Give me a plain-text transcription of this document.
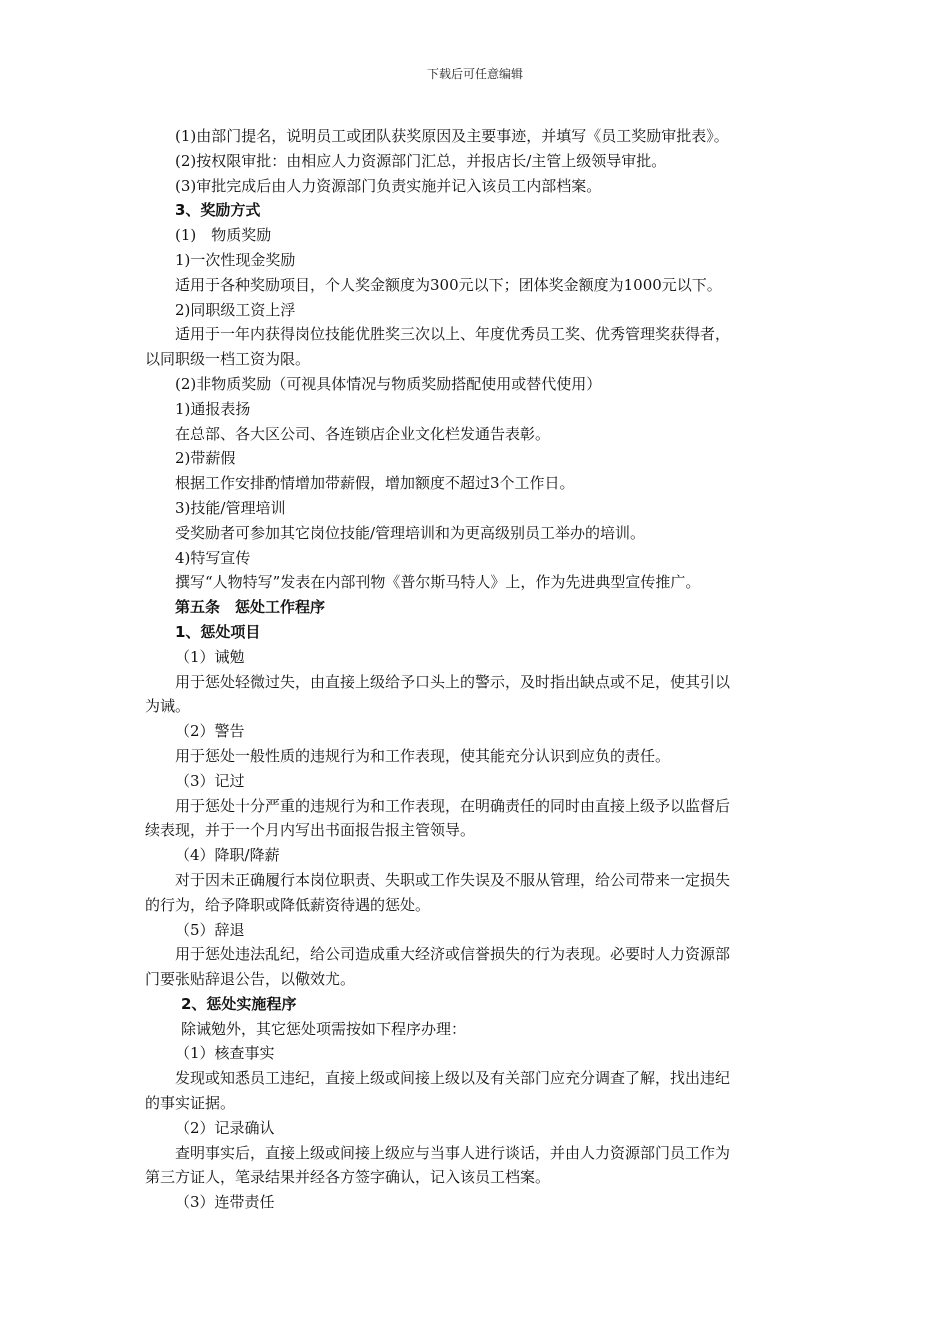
下载后可任意编辑
(1)由部门提名，说明员工或团队获奖原因及主要事迹，并填写《员工奖励审批表》。
(2)按权限审批：由相应人力资源部门汇总，并报店长/主管上级领导审批。
(3)审批完成后由人力资源部门负责实施并记入该员工内部档案。
3、奖励方式
(1)　物质奖励
1)一次性现金奖励
适用于各种奖励项目，个人奖金额度为300元以下；团体奖金额度为1000元以下。
2)同职级工资上浮
适用于一年内获得岗位技能优胜奖三次以上、年度优秀员工奖、优秀管理奖获得者，
以同职级一档工资为限。
(2)非物质奖励（可视具体情况与物质奖励搭配使用或替代使用）
1)通报表扬
在总部、各大区公司、各连锁店企业文化栏发通告表彰。
2)带薪假
根据工作安排酌情增加带薪假，增加额度不超过3个工作日。
3)技能/管理培训
受奖励者可参加其它岗位技能/管理培训和为更高级别员工举办的培训。
4)特写宣传
撰写“人物特写”发表在内部刊物《普尔斯马特人》上，作为先进典型宣传推广。
第五条　惩处工作程序
1、惩处项目
（1）诫勉
用于惩处轻微过失，由直接上级给予口头上的警示，及时指出缺点或不足，使其引以
为诫。
（2）警告
用于惩处一般性质的违规行为和工作表现，使其能充分认识到应负的责任。
（3）记过
用于惩处十分严重的违规行为和工作表现，在明确责任的同时由直接上级予以监督后
续表现，并于一个月内写出书面报告报主管领导。
（4）降职/降薪
对于因未正确履行本岗位职责、失职或工作失误及不服从管理，给公司带来一定损失
的行为，给予降职或降低薪资待遇的惩处。
（5）辞退
用于惩处违法乱纪，给公司造成重大经济或信誉损失的行为表现。必要时人力资源部
门要张贴辞退公告，以儆效尤。
2、惩处实施程序
除诫勉外，其它惩处项需按如下程序办理：
（1）核查事实
发现或知悉员工违纪，直接上级或间接上级以及有关部门应充分调查了解，找出违纪
的事实证据。
（2）记录确认
查明事实后，直接上级或间接上级应与当事人进行谈话，并由人力资源部门员工作为
第三方证人，笔录结果并经各方签字确认，记入该员工档案。
（3）连带责任
